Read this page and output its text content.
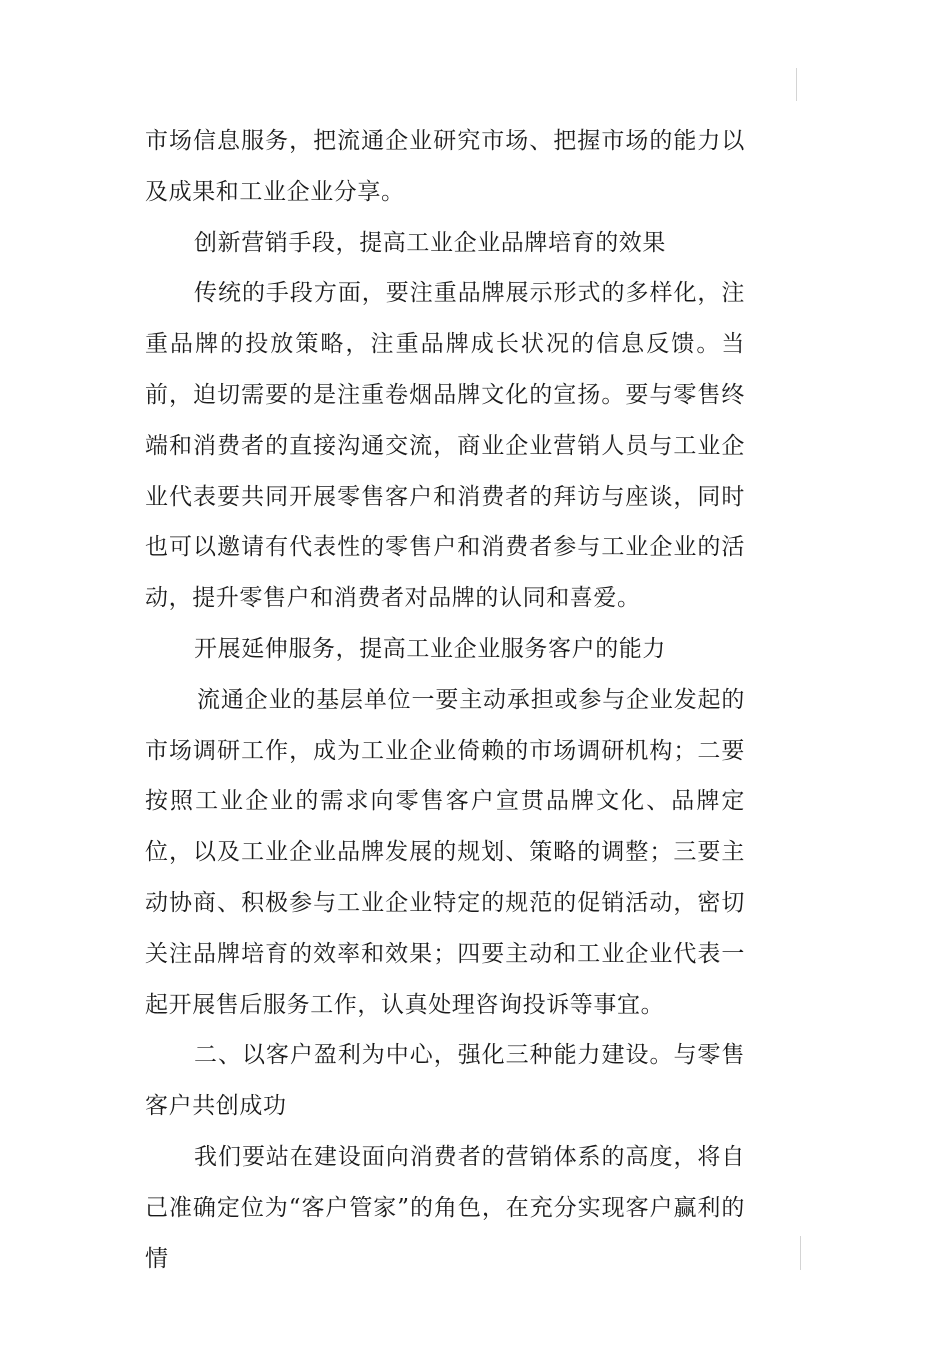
市场信息服务，把流通企业研究市场、把握市场的能力以及成果和工业企业分享。

创新营销手段，提高工业企业品牌培育的效果

传统的手段方面，要注重品牌展示形式的多样化，注重品牌的投放策略，注重品牌成长状况的信息反馈。当前，迫切需要的是注重卷烟品牌文化的宣扬。要与零售终端和消费者的直接沟通交流，商业企业营销人员与工业企业代表要共同开展零售客户和消费者的拜访与座谈，同时也可以邀请有代表性的零售户和消费者参与工业企业的活动，提升零售户和消费者对品牌的认同和喜爱。

开展延伸服务，提高工业企业服务客户的能力

流通企业的基层单位一要主动承担或参与企业发起的市场调研工作，成为工业企业倚赖的市场调研机构；二要按照工业企业的需求向零售客户宣贯品牌文化、品牌定位，以及工业企业品牌发展的规划、策略的调整；三要主动协商、积极参与工业企业特定的规范的促销活动，密切关注品牌培育的效率和效果；四要主动和工业企业代表一起开展售后服务工作，认真处理咨询投诉等事宜。

二、以客户盈利为中心，强化三种能力建设。与零售客户共创成功

我们要站在建设面向消费者的营销体系的高度，将自己准确定位为“客户管家”的角色，在充分实现客户赢利的情
